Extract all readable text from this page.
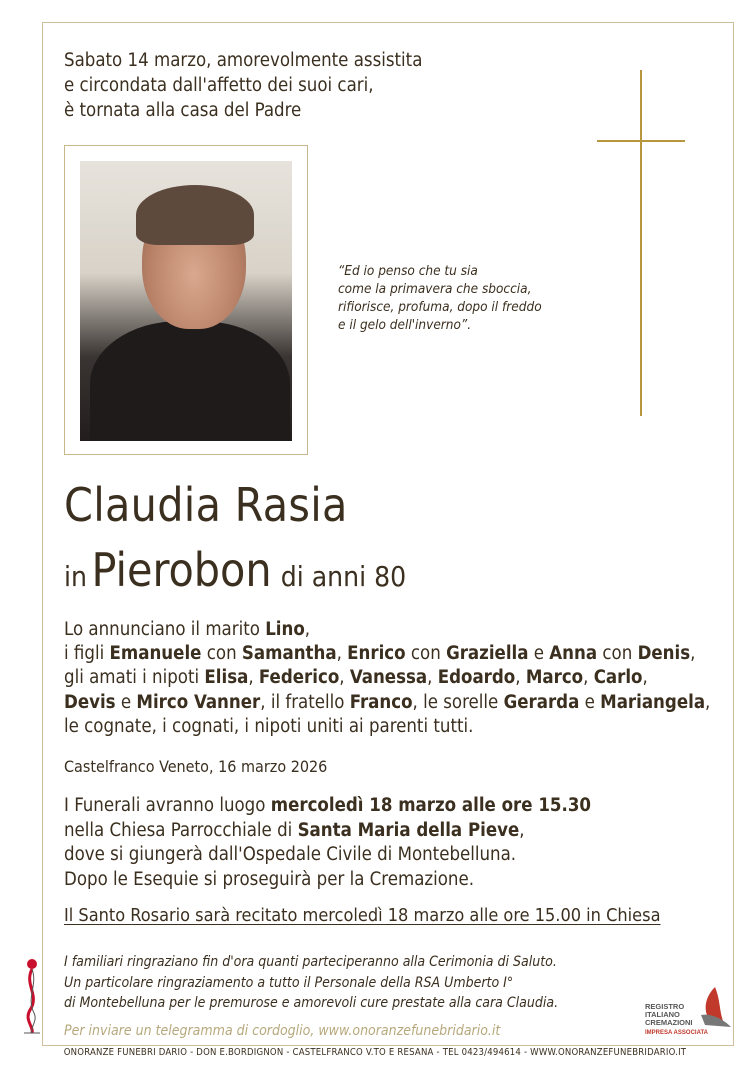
Sabato 14 marzo, amorevolmente assistita
e circondata dall'affetto dei suoi cari,
è tornata alla casa del Padre
“Ed io penso che tu sia
come la primavera che sboccia,
rifiorisce, profuma, dopo il freddo
e il gelo dell'inverno”.
Claudia Rasia
in Pierobon di anni 80
Lo annunciano il marito Lino,
i figli Emanuele con Samantha, Enrico con Graziella e Anna con Denis,
gli amati i nipoti Elisa, Federico, Vanessa, Edoardo, Marco, Carlo,
Devis e Mirco Vanner, il fratello Franco, le sorelle Gerarda e Mariangela,
le cognate, i cognati, i nipoti uniti ai parenti tutti.
Castelfranco Veneto, 16 marzo 2026
I Funerali avranno luogo mercoledì 18 marzo alle ore 15.30
nella Chiesa Parrocchiale di Santa Maria della Pieve,
dove si giungerà dall'Ospedale Civile di Montebelluna.
Dopo le Esequie si proseguirà per la Cremazione.
Il Santo Rosario sarà recitato mercoledì 18 marzo alle ore 15.00 in Chiesa
I familiari ringraziano fin d'ora quanti parteciperanno alla Cerimonia di Saluto.
Un particolare ringraziamento a tutto il Personale della RSA Umberto I°
di Montebelluna per le premurose e amorevoli cure prestate alla cara Claudia.
Per inviare un telegramma di cordoglio, www.onoranzefunebridario.it
REGISTRO
ITALIANO
CREMAZIONI
IMPRESA ASSOCIATA
ONORANZE FUNEBRI DARIO - DON E.BORDIGNON - CASTELFRANCO V.TO E RESANA - TEL 0423/494614 - WWW.ONORANZEFUNEBRIDARIO.IT
